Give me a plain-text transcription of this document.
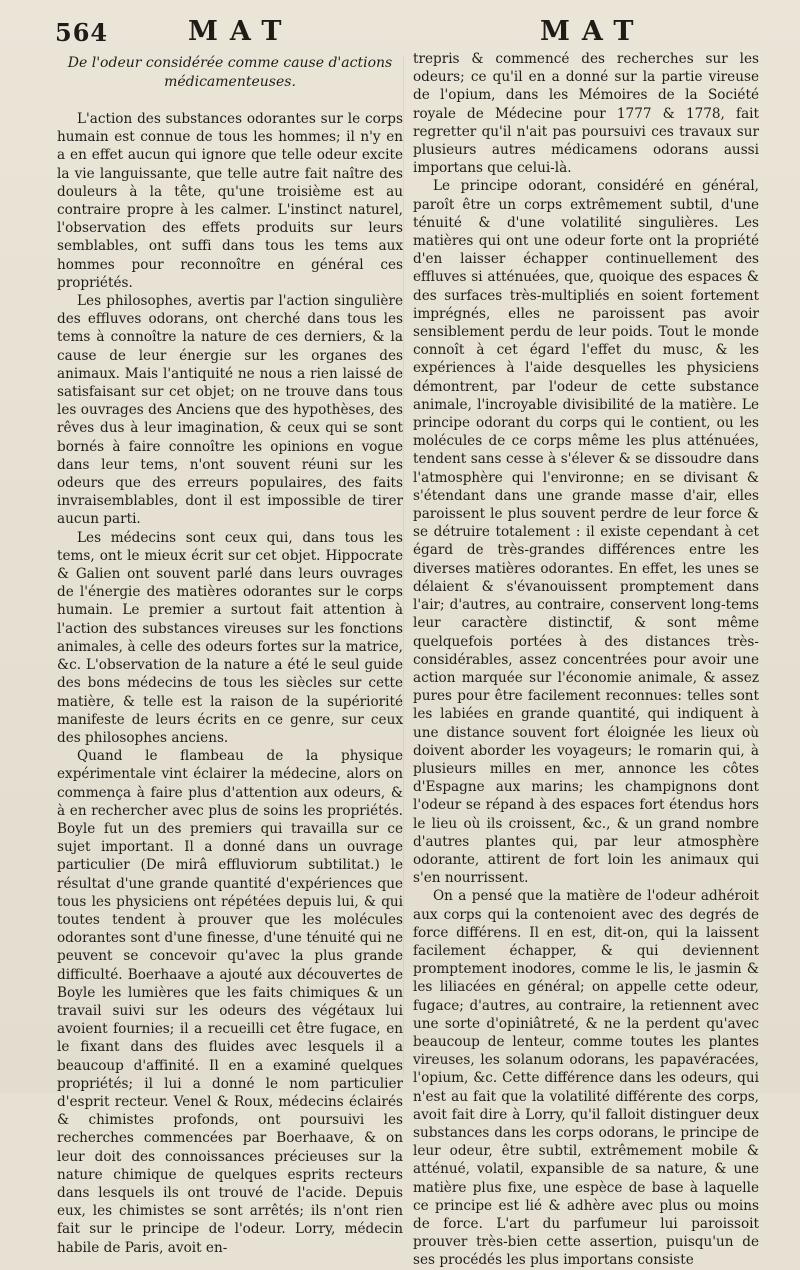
564	MAT	MAT

De l'odeur considérée comme cause d'actions médicamenteuses.

L'action des substances odorantes sur le corps humain est connue de tous les hommes; il n'y en a en effet aucun qui ignore que telle odeur excite la vie languissante, que telle autre fait naître des douleurs à la tête, qu'une troisième est au contraire propre à les calmer. L'instinct naturel, l'observation des effets produits sur leurs semblables, ont suffi dans tous les tems aux hommes pour reconnoître en général ces propriétés.

Les philosophes, avertis par l'action singulière des effluves odorans, ont cherché dans tous les tems à connoître la nature de ces derniers, & la cause de leur énergie sur les organes des animaux. Mais l'antiquité ne nous a rien laissé de satisfaisant sur cet objet; on ne trouve dans tous les ouvrages des Anciens que des hypothèses, des rêves dus à leur imagination, & ceux qui se sont bornés à faire connoître les opinions en vogue dans leur tems, n'ont souvent réuni sur les odeurs que des erreurs populaires, des faits invraisemblables, dont il est impossible de tirer aucun parti.

Les médecins sont ceux qui, dans tous les tems, ont le mieux écrit sur cet objet. Hippocrate & Galien ont souvent parlé dans leurs ouvrages de l'énergie des matières odorantes sur le corps humain. Le premier a surtout fait attention à l'action des substances vireuses sur les fonctions animales, à celle des odeurs fortes sur la matrice, &c. L'observation de la nature a été le seul guide des bons médecins de tous les siècles sur cette matière, & telle est la raison de la supériorité manifeste de leurs écrits en ce genre, sur ceux des philosophes anciens.

Quand le flambeau de la physique expérimentale vint éclairer la médecine, alors on commença à faire plus d'attention aux odeurs, & à en rechercher avec plus de soins les propriétés. Boyle fut un des premiers qui travailla sur ce sujet important. Il a donné dans un ouvrage particulier (De mirâ effluviorum subtilitat.) le résultat d'une grande quantité d'expériences que tous les physiciens ont répétées depuis lui, & qui toutes tendent à prouver que les molécules odorantes sont d'une finesse, d'une ténuité qui ne peuvent se concevoir qu'avec la plus grande difficulté. Boerhaave a ajouté aux découvertes de Boyle les lumières que les faits chimiques & un travail suivi sur les odeurs des végétaux lui avoient fournies; il a recueilli cet être fugace, en le fixant dans des fluides avec lesquels il a beaucoup d'affinité. Il en a examiné quelques propriétés; il lui a donné le nom particulier d'esprit recteur. Venel & Roux, médecins éclairés & chimistes profonds, ont poursuivi les recherches commencées par Boerhaave, & on leur doit des connoissances précieuses sur la nature chimique de quelques esprits recteurs dans lesquels ils ont trouvé de l'acide. Depuis eux, les chimistes se sont arrêtés; ils n'ont rien fait sur le principe de l'odeur. Lorry, médecin habile de Paris, avoit en-

trepris & commencé des recherches sur les odeurs; ce qu'il en a donné sur la partie vireuse de l'opium, dans les Mémoires de la Société royale de Médecine pour 1777 & 1778, fait regretter qu'il n'ait pas poursuivi ces travaux sur plusieurs autres médicamens odorans aussi importans que celui-là.

Le principe odorant, considéré en général, paroît être un corps extrêmement subtil, d'une ténuité & d'une volatilité singulières. Les matières qui ont une odeur forte ont la propriété d'en laisser échapper continuellement des effluves si atténuées, que, quoique des espaces & des surfaces très-multipliés en soient fortement imprégnés, elles ne paroissent pas avoir sensiblement perdu de leur poids. Tout le monde connoît à cet égard l'effet du musc, & les expériences à l'aide desquelles les physiciens démontrent, par l'odeur de cette substance animale, l'incroyable divisibilité de la matière. Le principe odorant du corps qui le contient, ou les molécules de ce corps même les plus atténuées, tendent sans cesse à s'élever & se dissoudre dans l'atmosphère qui l'environne; en se divisant & s'étendant dans une grande masse d'air, elles paroissent le plus souvent perdre de leur force & se détruire totalement : il existe cependant à cet égard de très-grandes différences entre les diverses matières odorantes. En effet, les unes se délaient & s'évanouissent promptement dans l'air; d'autres, au contraire, conservent long-tems leur caractère distinctif, & sont même quelquefois portées à des distances très-considérables, assez concentrées pour avoir une action marquée sur l'économie animale, & assez pures pour être facilement reconnues: telles sont les labiées en grande quantité, qui indiquent à une distance souvent fort éloignée les lieux où doivent aborder les voyageurs; le romarin qui, à plusieurs milles en mer, annonce les côtes d'Espagne aux marins; les champignons dont l'odeur se répand à des espaces fort étendus hors le lieu où ils croissent, &c., & un grand nombre d'autres plantes qui, par leur atmosphère odorante, attirent de fort loin les animaux qui s'en nourrissent.

On a pensé que la matière de l'odeur adhéroit aux corps qui la contenoient avec des degrés de force différens. Il en est, dit-on, qui la laissent facilement échapper, & qui deviennent promptement inodores, comme le lis, le jasmin & les liliacées en général; on appelle cette odeur, fugace; d'autres, au contraire, la retiennent avec une sorte d'opiniâtreté, & ne la perdent qu'avec beaucoup de lenteur, comme toutes les plantes vireuses, les solanum odorans, les papavéracées, l'opium, &c. Cette différence dans les odeurs, qui n'est au fait que la volatilité différente des corps, avoit fait dire à Lorry, qu'il falloit distinguer deux substances dans les corps odorans, le principe de leur odeur, être subtil, extrêmement mobile & atténué, volatil, expansible de sa nature, & une matière plus fixe, une espèce de base à laquelle ce principe est lié & adhère avec plus ou moins de force. L'art du parfumeur lui paroissoit prouver très-bien cette assertion, puisqu'un de ses procédés les plus importans consiste
